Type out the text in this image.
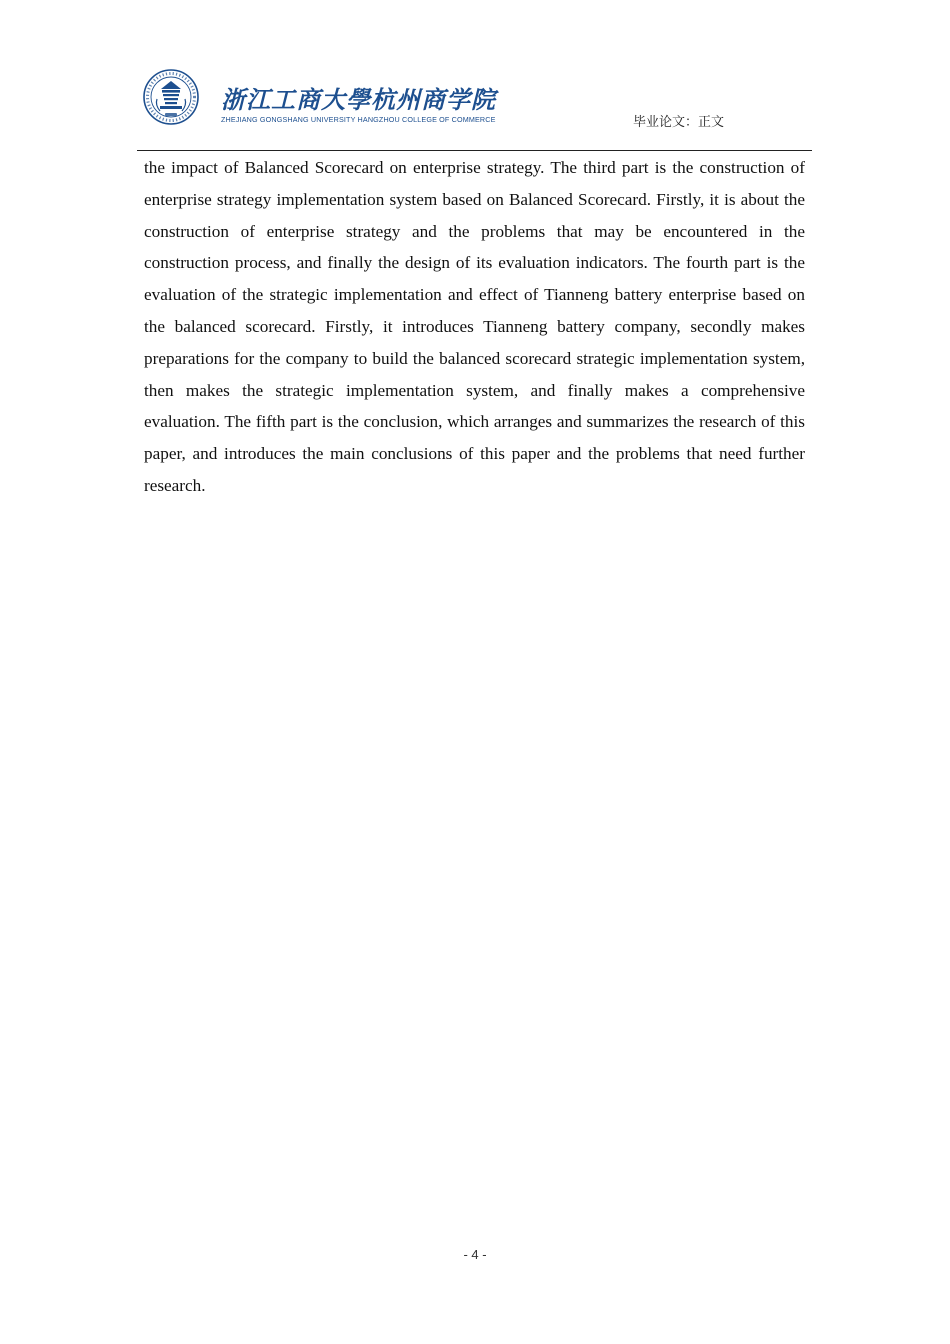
浙江工商大學杭州商学院
ZHEJIANG GONGSHANG UNIVERSITY HANGZHOU COLLEGE OF COMMERCE	毕业论文：正文

the impact of Balanced Scorecard on enterprise strategy. The third part is the construction of enterprise strategy implementation system based on Balanced Scorecard. Firstly, it is about the construction of enterprise strategy and the problems that may be encountered in the construction process, and finally the design of its evaluation indicators. The fourth part is the evaluation of the strategic implementation and effect of Tianneng battery enterprise based on the balanced scorecard. Firstly, it introduces Tianneng battery company, secondly makes preparations for the company to build the balanced scorecard strategic implementation system, then makes the strategic implementation system, and finally makes a comprehensive evaluation. The fifth part is the conclusion, which arranges and summarizes the research of this paper, and introduces the main conclusions of this paper and the problems that need further research.

- 4 -
